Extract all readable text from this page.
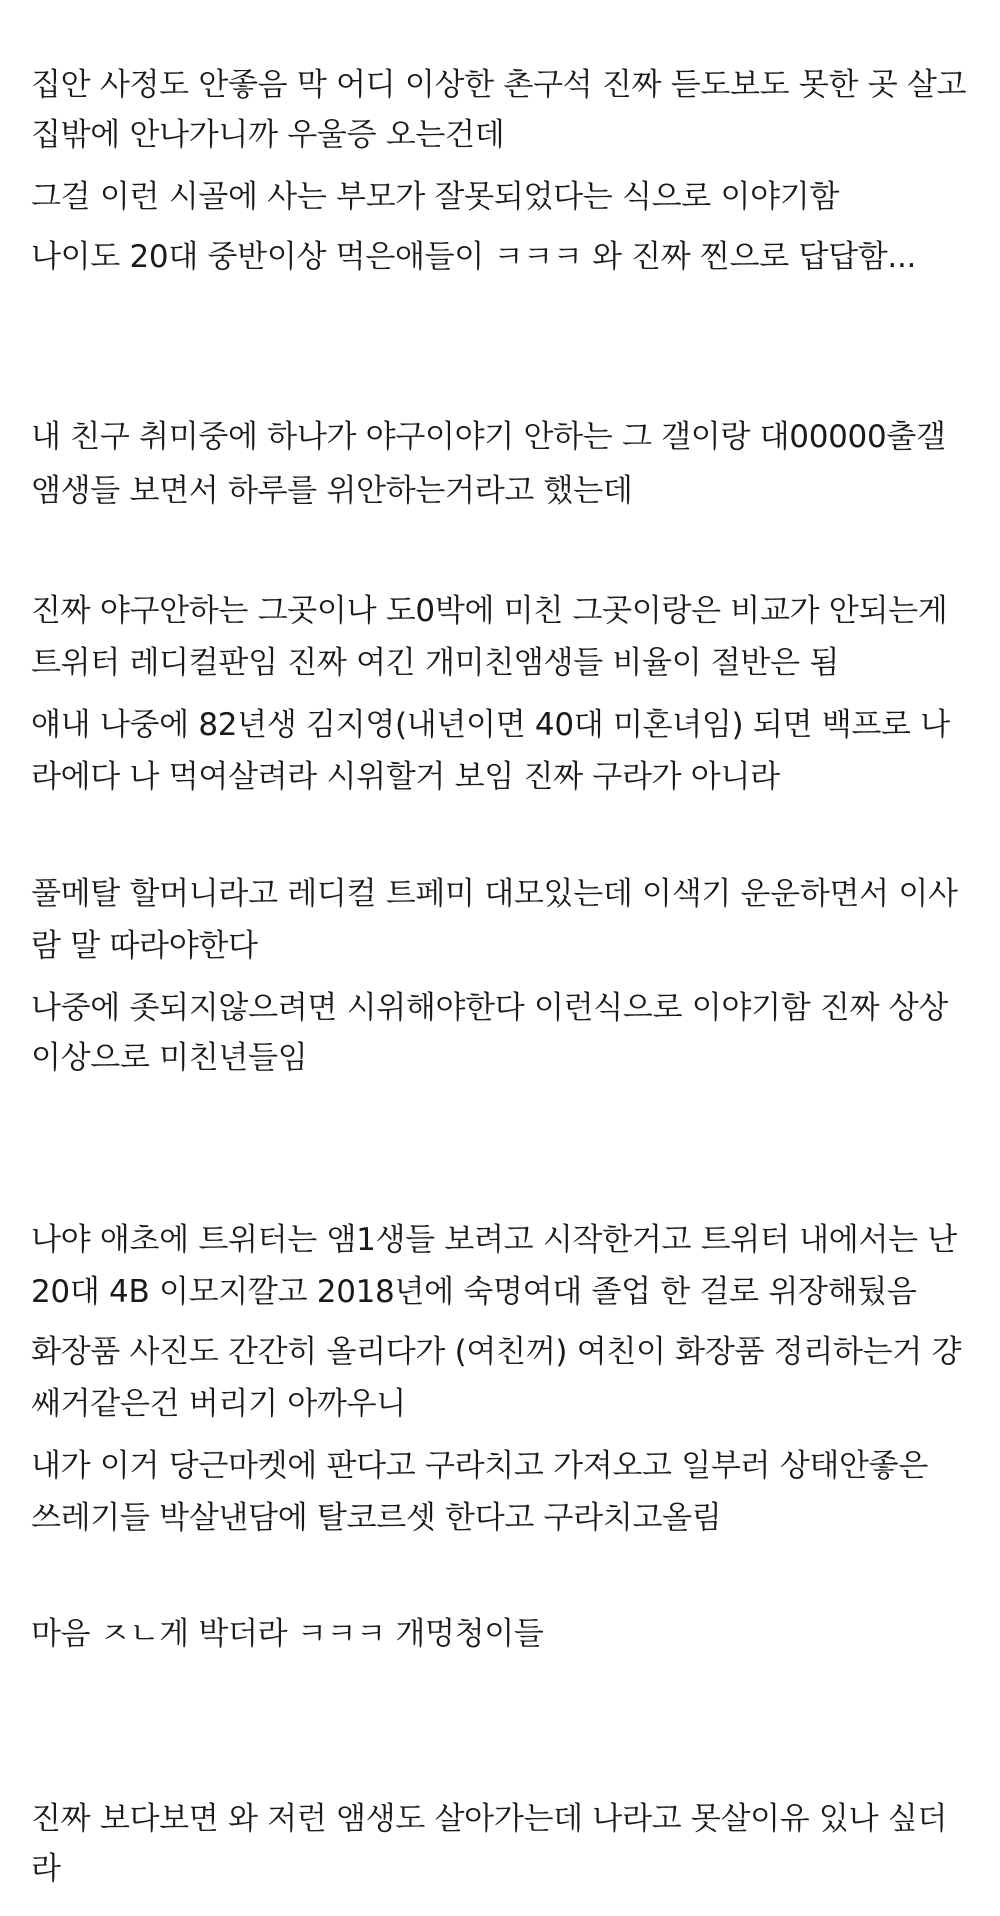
집안 사정도 안좋음 막 어디 이상한 촌구석 진짜 듣도보도 못한 곳 살고
집밖에 안나가니까 우울증 오는건데
그걸 이런 시골에 사는 부모가 잘못되었다는 식으로 이야기함
나이도 20대 중반이상 먹은애들이 ㅋㅋㅋ 와 진짜 찐으로 답답함...
내 친구 취미중에 하나가 야구이야기 안하는 그 갤이랑 대00000출갤
앰생들 보면서 하루를 위안하는거라고 했는데
진짜 야구안하는 그곳이나 도0박에 미친 그곳이랑은 비교가 안되는게
트위터 레디컬판임 진짜 여긴 개미친앰생들 비율이 절반은 됨
얘내 나중에 82년생 김지영(내년이면 40대 미혼녀임) 되면 백프로 나
라에다 나 먹여살려라 시위할거 보임 진짜 구라가 아니라
풀메탈 할머니라고 레디컬 트페미 대모있는데 이색기 운운하면서 이사
람 말 따라야한다
나중에 좃되지않으려면 시위해야한다 이런식으로 이야기함 진짜 상상
이상으로 미친년들임
나야 애초에 트위터는 앰1생들 보려고 시작한거고 트위터 내에서는 난
20대 4B 이모지깔고 2018년에 숙명여대 졸업 한 걸로 위장해뒀음
화장품 사진도 간간히 올리다가 (여친꺼) 여친이 화장품 정리하는거 걍
쌔거같은건 버리기 아까우니
내가 이거 당근마켓에 판다고 구라치고 가져오고 일부러 상태안좋은
쓰레기들 박살낸담에 탈코르셋 한다고 구라치고올림
마음 ㅈㄴ게 박더라 ㅋㅋㅋ 개멍청이들
진짜 보다보면 와 저런 앰생도 살아가는데 나라고 못살이유 있나 싶더
라
